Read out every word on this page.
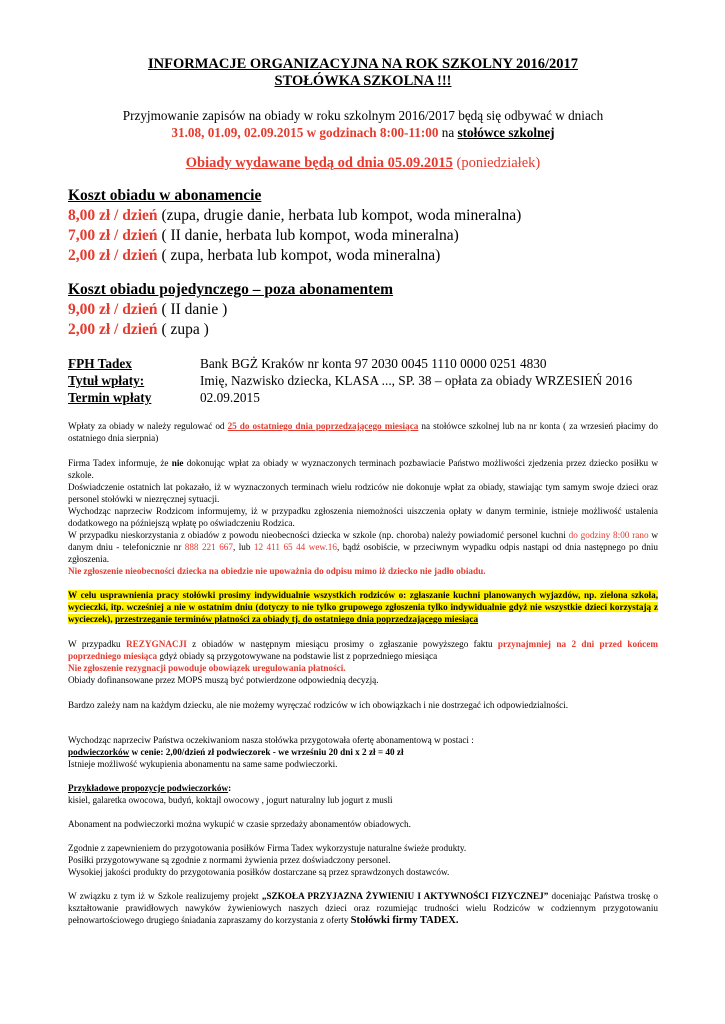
INFORMACJE ORGANIZACYJNA NA ROK SZKOLNY 2016/2017
STOŁÓWKA SZKOLNA !!!
Przyjmowanie zapisów na obiady w roku szkolnym 2016/2017 będą się odbywać w dniach
31.08, 01.09, 02.09.2015 w godzinach 8:00-11:00 na stołówce szkolnej
Obiady wydawane będą od dnia 05.09.2015 (poniedziałek)
Koszt obiadu w abonamencie
8,00 zł / dzień (zupa, drugie danie, herbata lub kompot, woda mineralna)
7,00 zł / dzień ( II danie, herbata lub kompot, woda mineralna)
2,00 zł / dzień ( zupa, herbata lub kompot, woda mineralna)
Koszt obiadu pojedynczego – poza abonamentem
9,00 zł / dzień ( II danie )
2,00 zł / dzień ( zupa )
FPH Tadex	Bank BGŻ Kraków nr konta 97 2030 0045 1110 0000 0251 4830
Tytuł wpłaty:	Imię, Nazwisko dziecka, KLASA ..., SP. 38 – opłata za obiady WRZESIEŃ 2016
Termin wpłaty	02.09.2015

Wpłaty za obiady w należy regulować od 25 do ostatniego dnia poprzedzającego miesiąca na stołówce szkolnej lub na nr konta ( za wrzesień płacimy do ostatniego dnia sierpnia)

Firma Tadex informuje, że nie dokonując wpłat za obiady w wyznaczonych terminach pozbawiacie Państwo możliwości zjedzenia przez dziecko posiłku w szkole.

Doświadczenie ostatnich lat pokazało, iż w wyznaczonych terminach wielu rodziców nie dokonuje wpłat za obiady, stawiając tym samym swoje dzieci oraz personel stołówki w niezręcznej sytuacji.

Wychodząc naprzeciw Rodzicom informujemy, iż w przypadku zgłoszenia niemożności uiszczenia opłaty w danym terminie, istnieje możliwość ustalenia dodatkowego na późniejszą wpłatę po oświadczeniu Rodzica.

W przypadku nieskorzystania z obiadów z powodu nieobecności dziecka w szkole (np. choroba) należy powiadomić personel kuchni do godziny 8:00 rano w danym dniu - telefonicznie nr 888 221 667, lub 12 411 65 44 wew.16, bądź osobiście, w przeciwnym wypadku odpis nastąpi od dnia następnego po dniu zgłoszenia.

Nie zgłoszenie nieobecności dziecka na obiedzie nie upoważnia do odpisu mimo iż dziecko nie jadło obiadu.

W celu usprawnienia pracy stołówki prosimy indywidualnie wszystkich rodziców o: zgłaszanie kuchni planowanych wyjazdów, np. zielona szkoła, wycieczki, itp. wcześniej a nie w ostatnim dniu (dotyczy to nie tylko grupowego zgłoszenia tylko indywidualnie gdyż nie wszystkie dzieci korzystają z wycieczek), przestrzeganie terminów płatności za obiady tj. do ostatniego dnia poprzedzającego miesiąca

W przypadku REZYGNACJI z obiadów w następnym miesiącu prosimy o zgłaszanie powyższego faktu przynajmniej na 2 dni przed końcem poprzedniego miesiąca gdyż obiady są przygotowywane na podstawie list z poprzedniego miesiąca

Nie zgłoszenie rezygnacji powoduje obowiązek uregulowania płatności.

Obiady dofinansowane przez MOPS muszą być potwierdzone odpowiednią decyzją.

Bardzo zależy nam na każdym dziecku, ale nie możemy wyręczać rodziców w ich obowiązkach i nie dostrzegać ich odpowiedzialności.

Wychodząc naprzeciw Państwa oczekiwaniom nasza stołówka przygotowała ofertę abonamentową w postaci :

podwieczorków w cenie: 2,00/dzień zł podwieczorek - we wrześniu 20 dni x 2 zł = 40 zł

Istnieje możliwość wykupienia abonamentu na same same podwieczorki.

Przykładowe propozycje podwieczorków:

kisiel, galaretka owocowa, budyń, koktajl owocowy , jogurt naturalny lub jogurt z musli

Abonament na podwieczorki można wykupić w czasie sprzedaży abonamentów obiadowych.

Zgodnie z zapewnieniem do przygotowania posiłków Firma Tadex wykorzystuje naturalne świeże produkty.

Posiłki przygotowywane są zgodnie z normami żywienia przez doświadczony personel.

Wysokiej jakości produkty do przygotowania posiłków dostarczane są przez sprawdzonych dostawców.

W związku z tym iż w Szkole realizujemy projekt „SZKOŁA PRZYJAZNA ŻYWIENIU I AKTYWNOŚCI FIZYCZNEJ” doceniając Państwa troskę o kształtowanie prawidłowych nawyków żywieniowych naszych dzieci oraz rozumiejąc trudności wielu Rodziców w codziennym przygotowaniu pełnowartościowego drugiego śniadania zapraszamy do korzystania z oferty Stołówki firmy TADEX.
